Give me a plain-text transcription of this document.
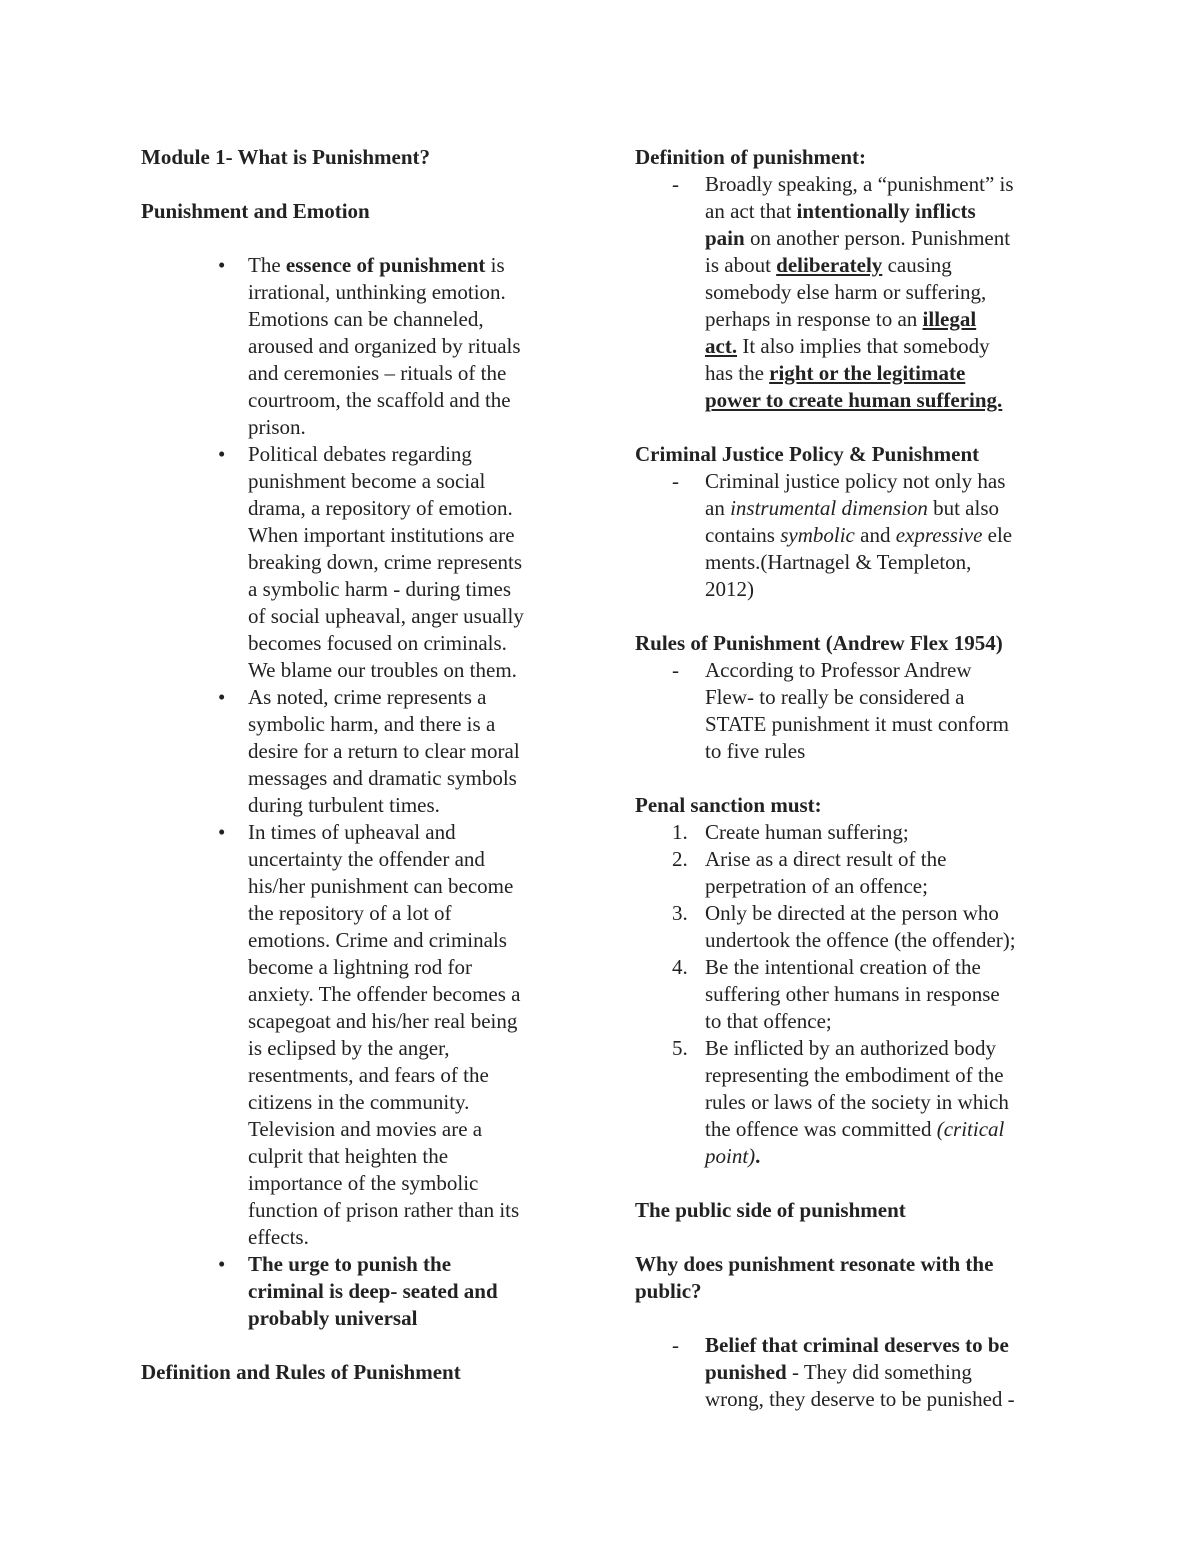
Module 1- What is Punishment?
Punishment and Emotion
• The essence of punishment is
irrational, unthinking emotion.
Emotions can be channeled,
aroused and organized by rituals
and ceremonies – rituals of the
courtroom, the scaffold and the
prison.
• Political debates regarding
punishment become a social
drama, a repository of emotion.
When important institutions are
breaking down, crime represents
a symbolic harm - during times
of social upheaval, anger usually
becomes focused on criminals.
We blame our troubles on them.
• As noted, crime represents a
symbolic harm, and there is a
desire for a return to clear moral
messages and dramatic symbols
during turbulent times.
• In times of upheaval and
uncertainty the offender and
his/her punishment can become
the repository of a lot of
emotions. Crime and criminals
become a lightning rod for
anxiety. The offender becomes a
scapegoat and his/her real being
is eclipsed by the anger,
resentments, and fears of the
citizens in the community.
Television and movies are a
culprit that heighten the
importance of the symbolic
function of prison rather than its
effects.
• The urge to punish the
criminal is deep- seated and
probably universal
Definition and Rules of Punishment
Definition of punishment:
- Broadly speaking, a “punishment” is
an act that intentionally inflicts
pain on another person. Punishment
is about deliberately causing
somebody else harm or suffering,
perhaps in response to an illegal
act. It also implies that somebody
has the right or the legitimate
power to create human suffering.
Criminal Justice Policy & Punishment
- Criminal justice policy not only has
an instrumental dimension but also
contains symbolic and expressive ele
ments.(Hartnagel & Templeton,
2012)
Rules of Punishment (Andrew Flex 1954)
- According to Professor Andrew
Flew- to really be considered a
STATE punishment it must conform
to five rules
Penal sanction must:
1. Create human suffering;
2. Arise as a direct result of the
perpetration of an offence;
3. Only be directed at the person who
undertook the offence (the offender);
4. Be the intentional creation of the
suffering other humans in response
to that offence;
5. Be inflicted by an authorized body
representing the embodiment of the
rules or laws of the society in which
the offence was committed (critical
point).
The public side of punishment
Why does punishment resonate with the
public?
- Belief that criminal deserves to be
punished - They did something
wrong, they deserve to be punished -
